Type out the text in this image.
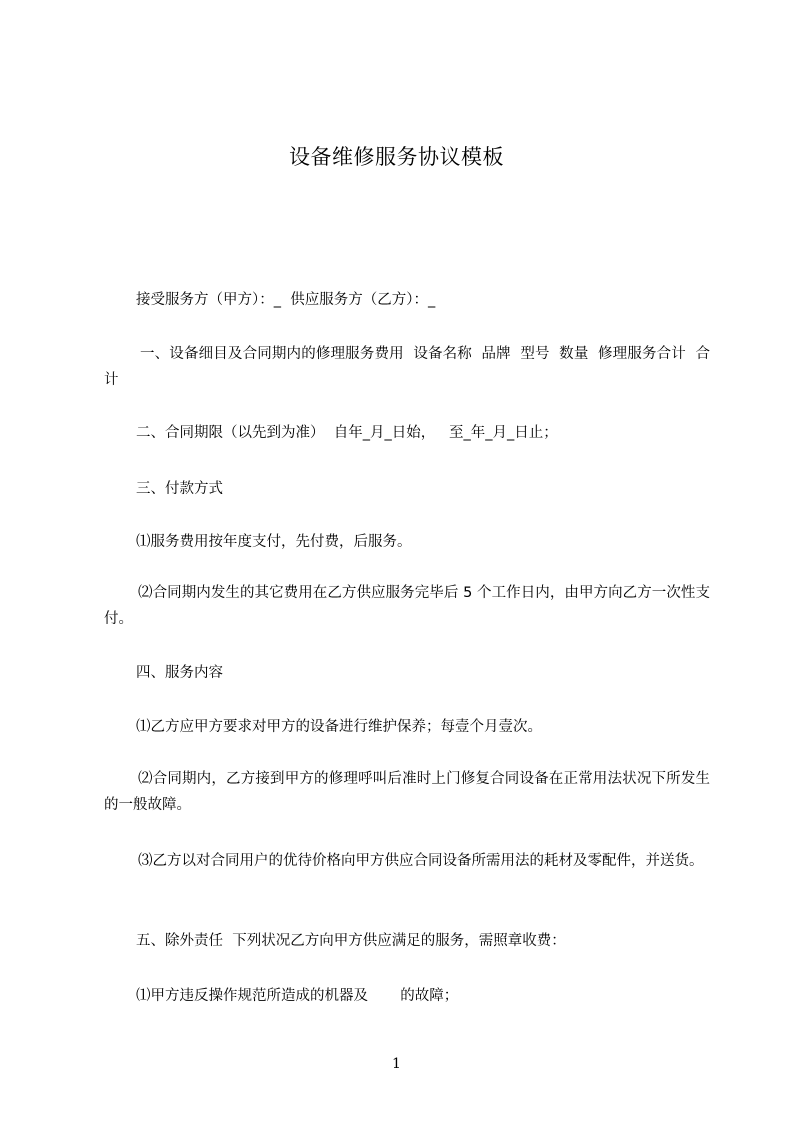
设备维修服务协议模板

接受服务方（甲方）：_  供应服务方（乙方）：_

一、设备细目及合同期内的修理服务费用  设备名称  品牌  型号  数量  修理服务合计  合计

二、合同期限（以先到为准）  自年_月_日始，   至_年_月_日止；

三、付款方式

⑴服务费用按年度支付，先付费，后服务。

⑵合同期内发生的其它费用在乙方供应服务完毕后 5 个工作日内，由甲方向乙方一次性支付。

四、服务内容

⑴乙方应甲方要求对甲方的设备进行维护保养；每壹个月壹次。

⑵合同期内，乙方接到甲方的修理呼叫后准时上门修复合同设备在正常用法状况下所发生的一般故障。

⑶乙方以对合同用户的优待价格向甲方供应合同设备所需用法的耗材及零配件，并送货。

五、除外责任  下列状况乙方向甲方供应满足的服务，需照章收费：

⑴甲方违反操作规范所造成的机器及       的故障；

1
